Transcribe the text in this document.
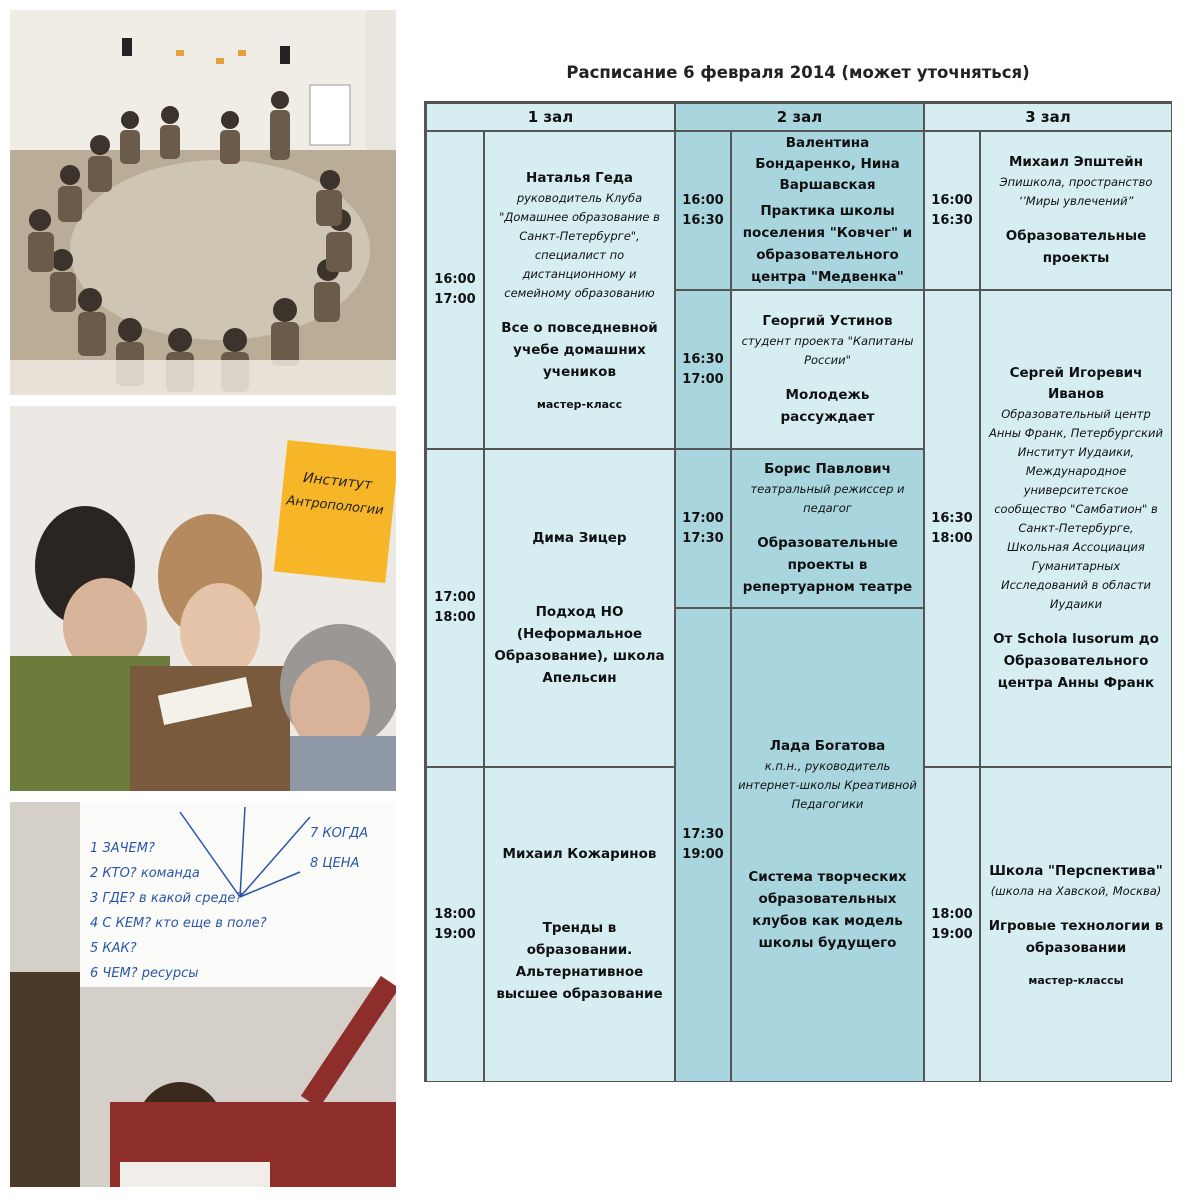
Институт
Антропологии
1 ЗАЧЕМ?
2 КТО? команда
3 ГДЕ? в какой среде?
4 С КЕМ? кто еще в поле?
5 КАК?
6 ЧЕМ? ресурсы
7 КОГДА
8 ЦЕНА
Расписание 6 февраля 2014 (может уточняться)
1 зал	2 зал	3 зал
16:00
17:00
Наталья Геда
руководитель Клуба "Домашнее образование в Санкт-Петербурге", специалист по дистанционному и семейному образованию
Все о повседневной учебе домашних учеников
мастер-класс
17:00
18:00
Дима Зицер
Подход НО (Неформальное Образование), школа Апельсин
18:00
19:00
Михаил Кожаринов
Тренды в образовании. Альтернативное высшее образование
16:00
16:30
Валентина Бондаренко, Нина Варшавская
Практика школы поселения "Ковчег" и образовательного центра "Медвенка"
16:30
17:00
Георгий Устинов
студент проекта "Капитаны России"
Молодежь рассуждает
17:00
17:30
Борис Павлович
театральный режиссер и педагог
Образовательные проекты в репертуарном театре
17:30
19:00
Лада Богатова
к.п.н., руководитель интернет-школы Креативной Педагогики
Система творческих образовательных клубов как модель школы будущего
16:00
16:30
Михаил Эпштейн
Эпишкола, пространство ‘’Миры увлечений”
Образовательные проекты
16:30
18:00
Сергей Игоревич Иванов
Образовательный центр Анны Франк, Петербургский Институт Иудаики, Международное университетское сообщество "Самбатион" в Санкт-Петербурге, Школьная Ассоциация Гуманитарных Исследований в области Иудаики
От Schola lusorum до Образовательного центра Анны Франк
18:00
19:00
Школа "Перспектива"
(школа на Хавской, Москва)
Игровые технологии в образовании
мастер-классы
